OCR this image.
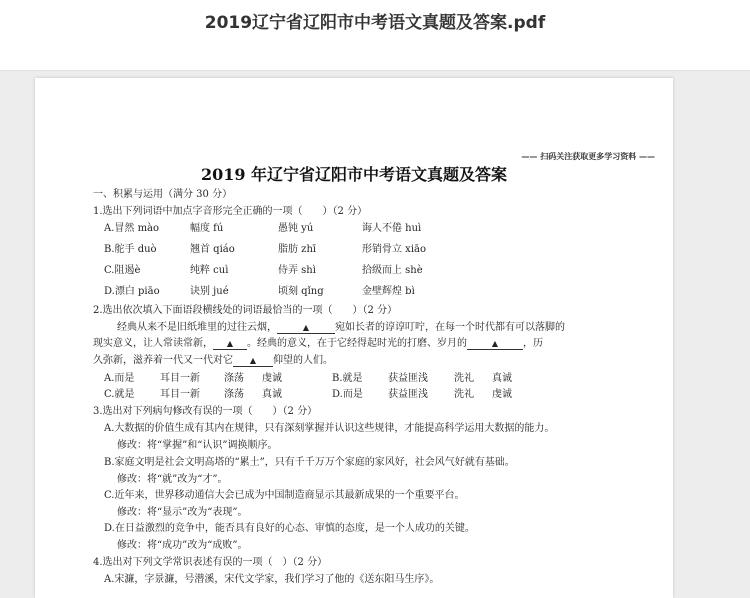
2019辽宁省辽阳市中考语文真题及答案.pdf
—— 扫码关注获取更多学习资料 ——
2019 年辽宁省辽阳市中考语文真题及答案
一、积累与运用（满分 30 分）
1.选出下列词语中加点字音形完全正确的一项（　　）（2 分）
A.冒然 mào	幅度 fú	愚钝 yú	诲人不倦 huì
B.舵手 duò	翘首 qiáo	脂肪 zhī	形销骨立 xiāo
C.阻遏è	纯粹 cuì	侍弄 shì	拾级而上 shè
D.漂白 piāo	诀别 jué	顷刻 qǐng	金壁辉煌 bì
2.选出依次填入下面语段横线处的词语最恰当的一项（　　）（2 分）
经典从来不是旧纸堆里的过往云烟，	▲	宛如长者的谆谆叮咛，在每一个时代都有可以落脚的
现实意义，让人常读常新， ▲ 。经典的意义，在于它经得起时光的打磨、岁月的	▲ ，历
久弥新，滋养着一代又一代对它 ▲ 仰望的人们。
A.而是	耳目一新 涤荡 虔诚	B.就是	获益匪浅	洗礼 真诚
C.就是	耳目一新 涤荡 真诚	D.而是	获益匪浅	洗礼 虔诚
3.选出对下列病句修改有误的一项（　　）（2 分）
A.大数据的价值生成有其内在规律，只有深刻掌握并认识这些规律，才能提高科学运用大数据的能力。
修改：将“掌握”和“认识”调换顺序。
B.家庭文明是社会文明高塔的“累土”，只有千千万万个家庭的家风好，社会风气好就有基础。
修改：将“就”改为“才”。
C.近年来，世界移动通信大会已成为中国制造商显示其最新成果的一个重要平台。
修改：将“显示”改为“表现”。
D.在日益激烈的竞争中，能否具有良好的心态、审慎的态度，是一个人成功的关键。
修改：将“成功”改为“成败”。
4.选出对下列文学常识表述有误的一项（　）（2 分）
A.宋濂，字景濂，号潜溪，宋代文学家，我们学习了他的《送东阳马生序》。
